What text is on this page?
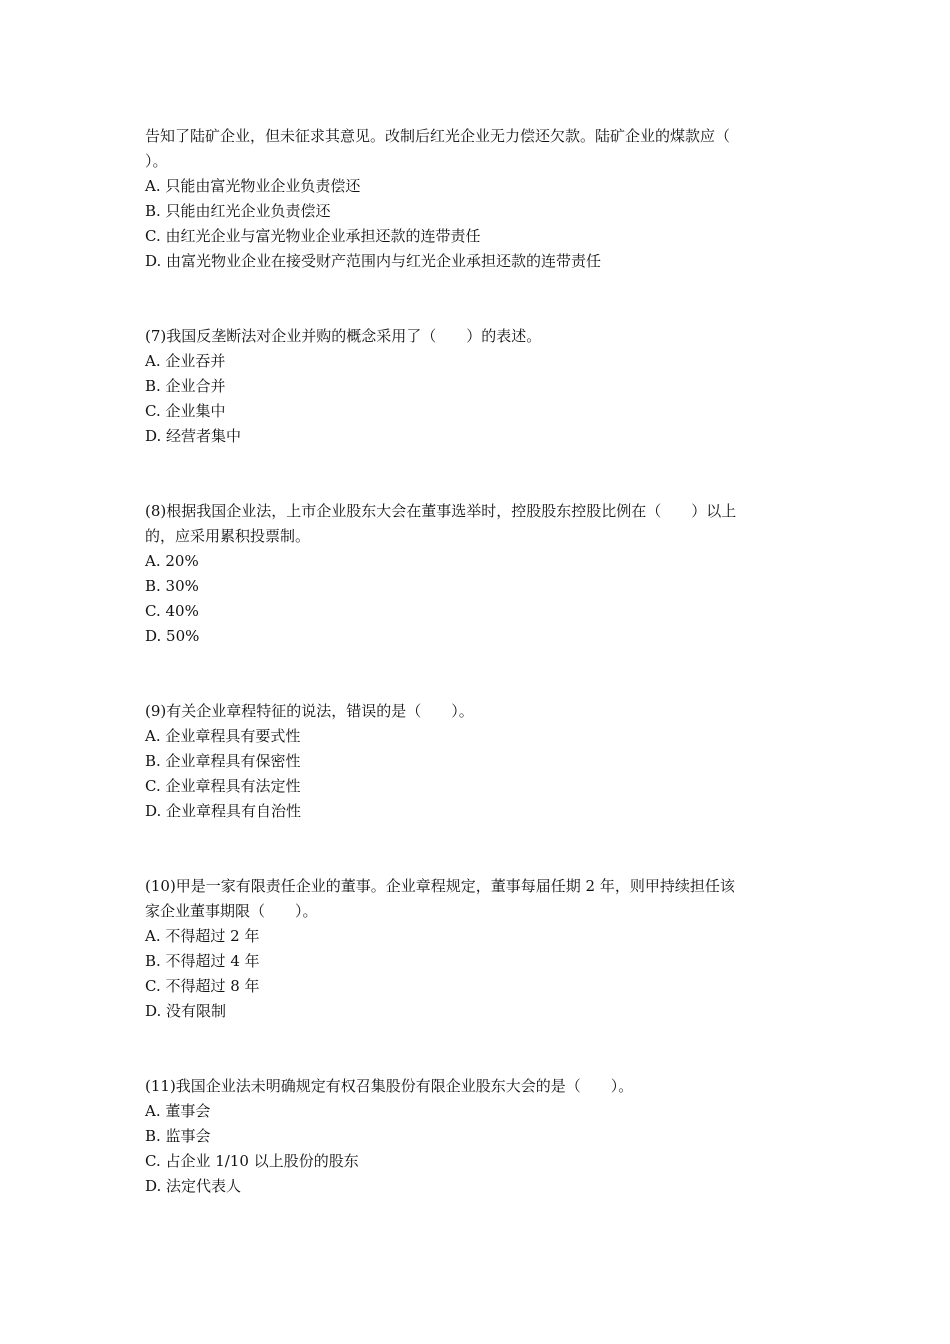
告知了陆矿企业，但未征求其意见。改制后红光企业无力偿还欠款。陆矿企业的煤款应（
）。
A. 只能由富光物业企业负责偿还
B. 只能由红光企业负责偿还
C. 由红光企业与富光物业企业承担还款的连带责任
D. 由富光物业企业在接受财产范围内与红光企业承担还款的连带责任
(7)我国反垄断法对企业并购的概念采用了（　　）的表述。
A. 企业吞并
B. 企业合并
C. 企业集中
D. 经营者集中
(8)根据我国企业法，上市企业股东大会在董事选举时，控股股东控股比例在（　　）以上
的，应采用累积投票制。
A. 20%
B. 30%
C. 40%
D. 50%
(9)有关企业章程特征的说法，错误的是（　　）。
A. 企业章程具有要式性
B. 企业章程具有保密性
C. 企业章程具有法定性
D. 企业章程具有自治性
(10)甲是一家有限责任企业的董事。企业章程规定，董事每届任期 2 年，则甲持续担任该
家企业董事期限（　　）。
A. 不得超过 2 年
B. 不得超过 4 年
C. 不得超过 8 年
D. 没有限制
(11)我国企业法未明确规定有权召集股份有限企业股东大会的是（　　）。
A. 董事会
B. 监事会
C. 占企业 1/10 以上股份的股东
D. 法定代表人
